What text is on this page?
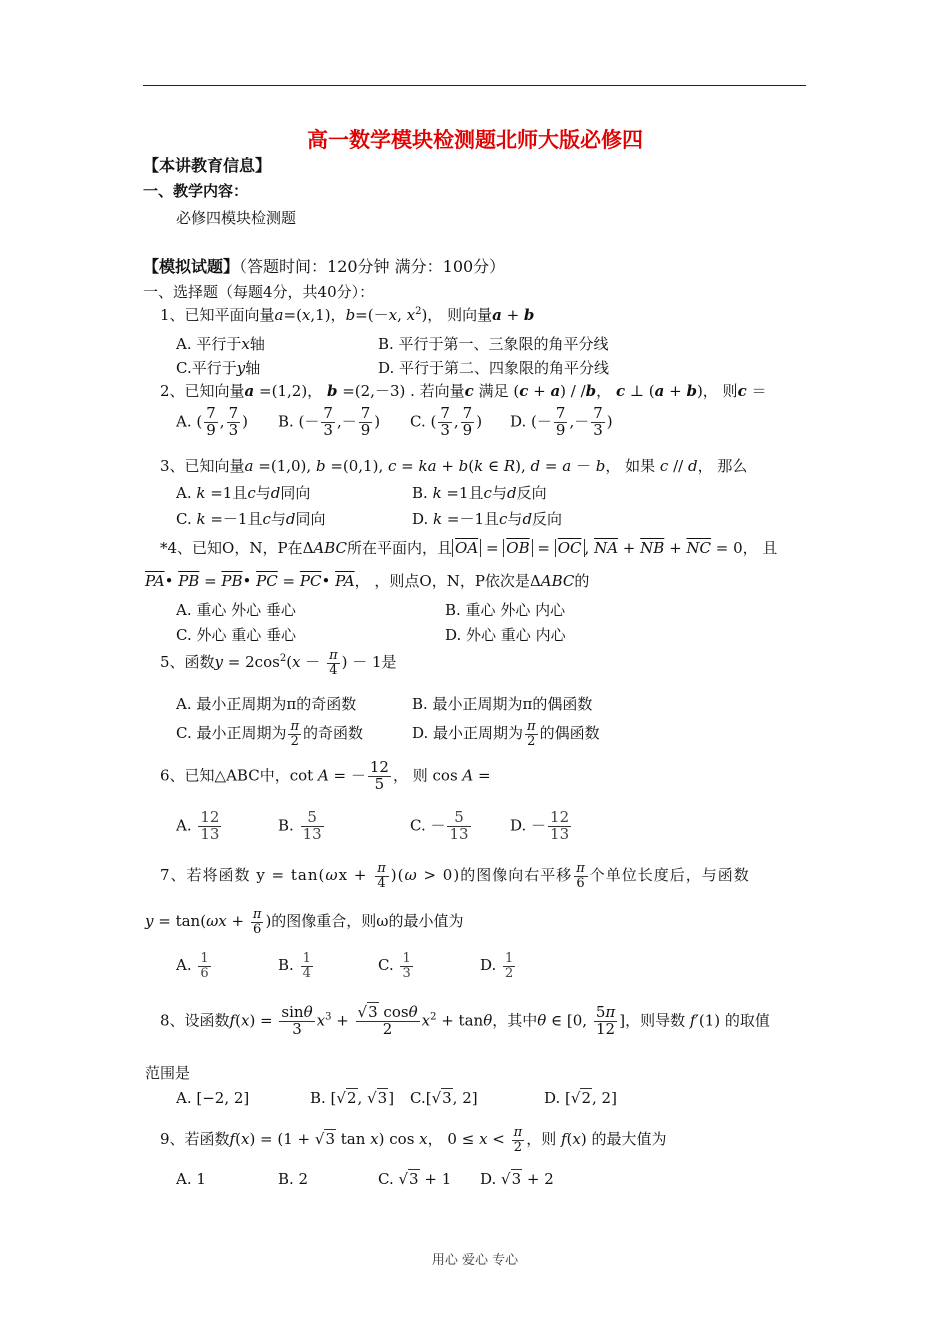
高一数学模块检测题北师大版必修四
【本讲教育信息】
一、教学内容：
必修四模块检测题
【模拟试题】（答题时间：120分钟 满分：100分）
一、选择题（每题4分，共40分）：
1、已知平面向量a=(x,1)，b=(－x, $x^2$)， 则向量a + b
A. 平行于x轴	B. 平行于第一、三象限的角平分线
C.平行于y轴	D. 平行于第二、四象限的角平分线
2、已知向量a =(1,2)， b =(2,－3) . 若向量c 满足 (c + a) / /b， c ⊥ (a + b)， 则c ＝
A. ( $\frac{7}{9}$ , $\frac{7}{3}$ ) B. (－ $\frac{7}{3}$ ,－ $\frac{7}{9}$ ) C. ( $\frac{7}{3}$ , $\frac{7}{9}$ ) D. (－ $\frac{7}{9}$ ,－ $\frac{7}{3}$ )
3、已知向量a =(1,0), b =(0,1), c = ka + b(k ∈ R), d = a － b， 如果 c // d， 那么
A. k =1且c与d同向	B. k =1且c与d反向
C. k =－1且c与d同向	D. k =－1且c与d反向
*4、已知O，N，P在ΔABC所在平面内，且 $\overline{OA} = \overline{OB} = \overline{OC}$ , $\overline{NA} + \overline{NB} + \overline{NC} = 0$， 且
$\overline{PA}•$ $\overline{PB}$ = $\overline{PB}•$ $\overline{PC}$ = $\overline{PC}•$ $\overline{PA}$， ，则点O，N，P依次是ΔABC的
A. 重心 外心 垂心	B. 重心 外心 内心
C. 外心 重心 垂心	D. 外心 重心 内心
5、函数$y = 2\cos^2(x - \frac{\pi}{4}$ ) － 1是
A. 最小正周期为π的奇函数	B. 最小正周期为π的偶函数
C. 最小正周期为 $\frac{\pi}{2}$ 的奇函数	D. 最小正周期为 $\frac{\pi}{2}$ 的偶函数
6、已知△ABC中，cot A = － $\frac{12}{5}$ ， 则 cos A =
A. $\frac{12}{13}$	B. $\frac{5}{13}$	C. － $\frac{5}{13}$	D. － $\frac{12}{13}$
7、若将函数 $y = \tan(\omega x + \frac{\pi}{4} )(\omega > 0)$的图像向右平移 $\frac{\pi}{6}$ 个单位长度后，与函数
$y = \tan(\omega x + \frac{\pi}{6}$ )的图像重合，则ω的最小值为
A. $\frac{1}{6}$	B. $\frac{1}{4}$	C. $\frac{1}{3}$	D. $\frac{1}{2}$
8、设函数$f(x) = \frac{\sin\theta}{3} x^3 + \frac{√3 \cos\theta}{2} x^2 + \tan\theta$，其中θ ∈ [0, $\frac{5\pi}{12}$ ]，则导数 f′(1) 的取值
范围是
A. [−2, 2]	B. [√2, √3] C.[√3, 2]	D. [√2, 2]
9、若函数f(x) = (1 + √3 tan x) cos x， $0 \le x < \frac{\pi}{2}$ ，则 f(x) 的最大值为
A. 1	B. 2	C. √3 + 1 D. √3 + 2
用心 爱心 专心
